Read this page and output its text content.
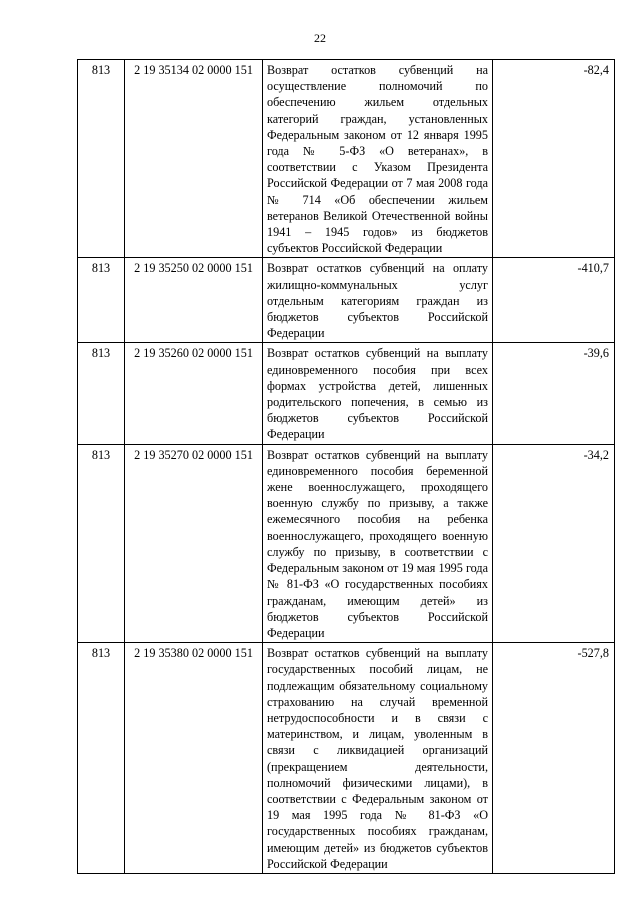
22
813	2 19 35134 02 0000 151	Возврат остатков субвенций на осуществление полномочий по обеспечению жильем отдельных категорий граждан, установленных Федеральным законом от 12 января 1995 года № 5-ФЗ «О ветеранах», в соответствии с Указом Президента Российской Федерации от 7 мая 2008 года № 714 «Об обеспечении жильем ветеранов Великой Отечественной войны 1941 – 1945 годов» из бюджетов субъектов Российской Федерации	-82,4
813	2 19 35250 02 0000 151	Возврат остатков субвенций на оплату жилищно-коммунальных услуг отдельным категориям граждан из бюджетов субъектов Российской Федерации	-410,7
813	2 19 35260 02 0000 151	Возврат остатков субвенций на выплату единовременного пособия при всех формах устройства детей, лишенных родительского попечения, в семью из бюджетов субъектов Российской Федерации	-39,6
813	2 19 35270 02 0000 151	Возврат остатков субвенций на выплату единовременного пособия беременной жене военнослужащего, проходящего военную службу по призыву, а также ежемесячного пособия на ребенка военнослужащего, проходящего военную службу по призыву, в соответствии с Федеральным законом от 19 мая 1995 года № 81-ФЗ «О государственных пособиях гражданам, имеющим детей» из бюджетов субъектов Российской Федерации	-34,2
813	2 19 35380 02 0000 151	Возврат остатков субвенций на выплату государственных пособий лицам, не подлежащим обязательному социальному страхованию на случай временной нетрудоспособности и в связи с материнством, и лицам, уволенным в связи с ликвидацией организаций (прекращением деятельности, полномочий физическими лицами), в соответствии с Федеральным законом от 19 мая 1995 года № 81-ФЗ «О государственных пособиях гражданам, имеющим детей» из бюджетов субъектов Российской Федерации	-527,8
